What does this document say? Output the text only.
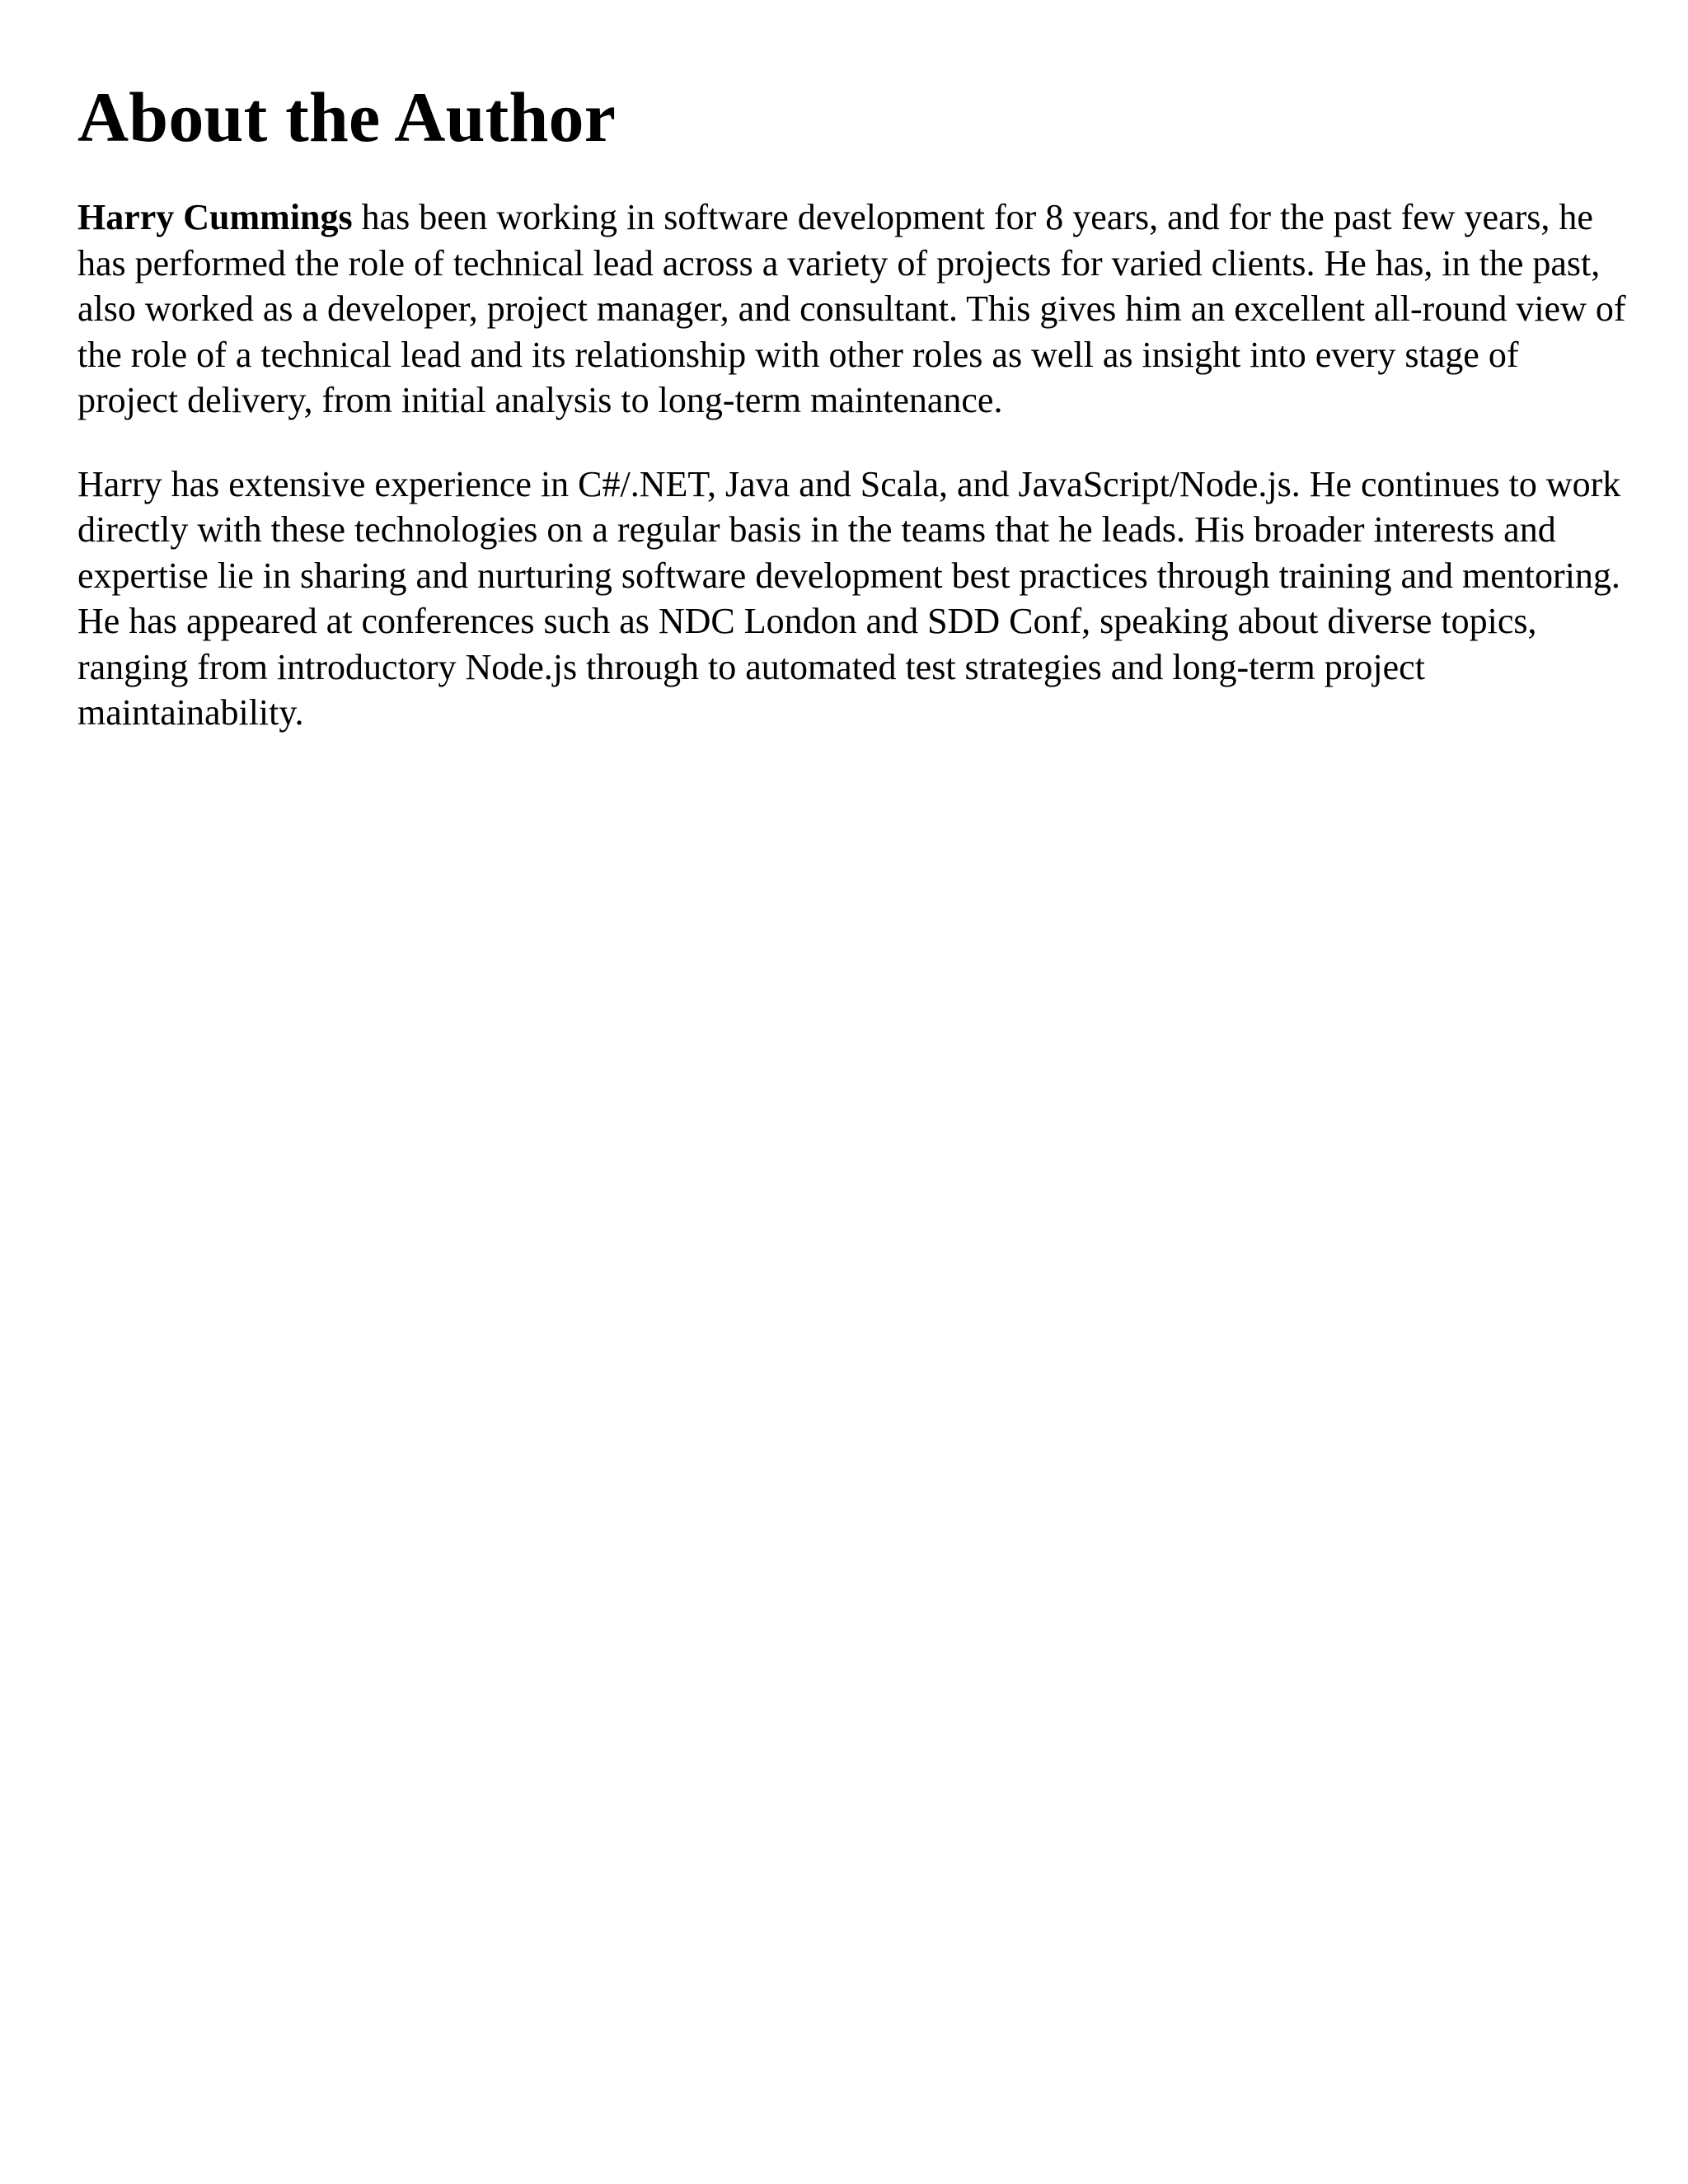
About the Author

Harry Cummings has been working in software development for 8 years, and for the past few years, he has performed the role of technical lead across a variety of projects for varied clients. He has, in the past, also worked as a developer, project manager, and consultant. This gives him an excellent all-round view of the role of a technical lead and its relationship with other roles as well as insight into every stage of project delivery, from initial analysis to long-term maintenance.

Harry has extensive experience in C#/.NET, Java and Scala, and JavaScript/Node.js. He continues to work directly with these technologies on a regular basis in the teams that he leads. His broader interests and expertise lie in sharing and nurturing software development best practices through training and mentoring. He has appeared at conferences such as NDC London and SDD Conf, speaking about diverse topics, ranging from introductory Node.js through to automated test strategies and long-term project maintainability.
